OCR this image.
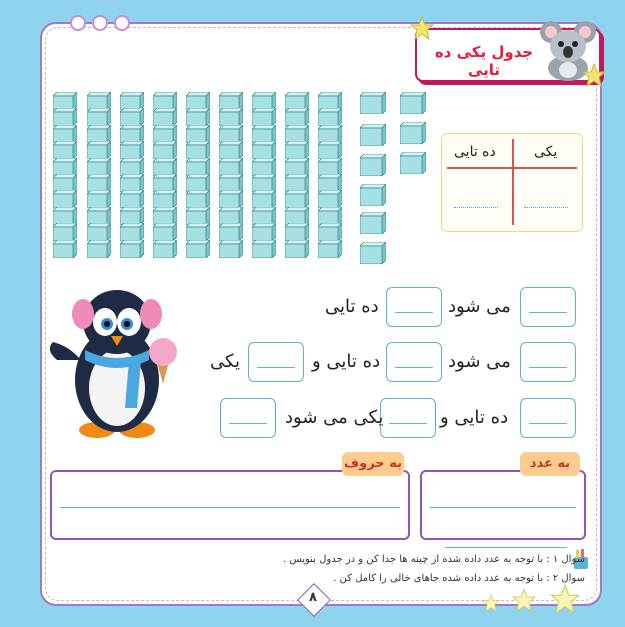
جدول یکی ده تایی
یکی
ده تایی
می شود
ده تایی
می شود
ده تایی و
یکی
ده تایی و
یکی می شود
به عدد
به حروف
سوال ۱ : با توجه به عدد داده شده از چینه ها جدا کن و در جدول بنویس .
سوال ۲ : با توجه به عدد داده شده جاهای خالی را کامل کن .
۸
